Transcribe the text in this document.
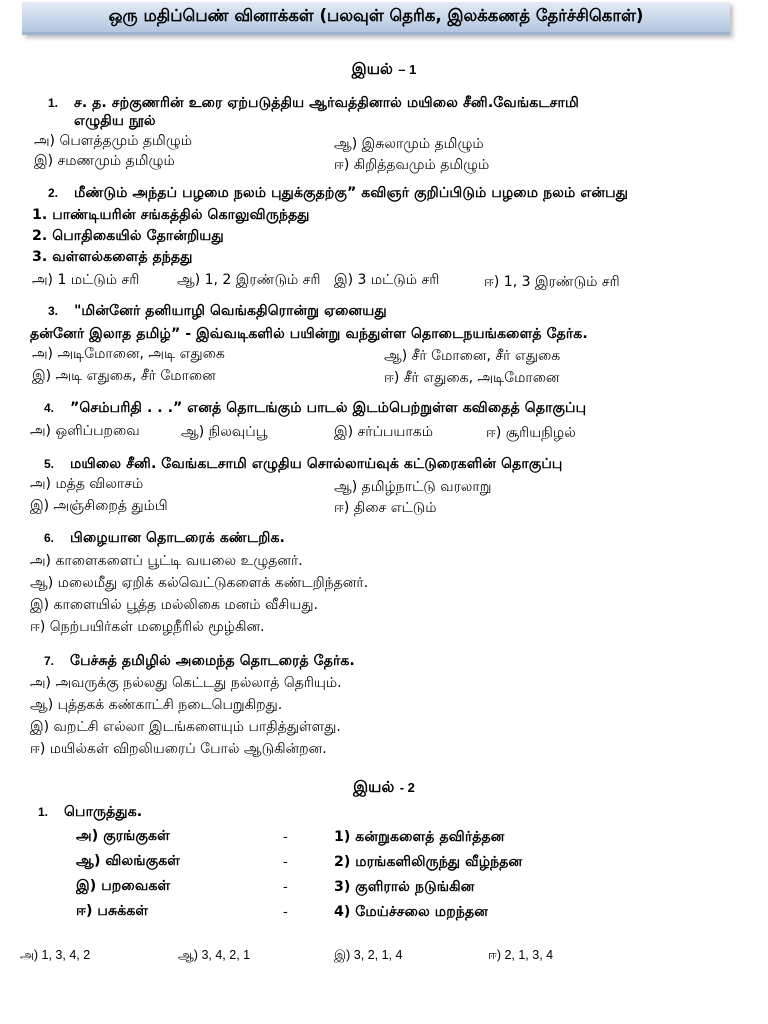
ஒரு மதிப்பெண் வினாக்கள் (பலவுள் தெரிக, இலக்கணத் தேர்ச்சிகொள்)
இயல் – 1
1. ச. த. சற்குணரின் உரை ஏற்படுத்திய ஆர்வத்தினால் மயிலை சீனி.வேங்கடசாமி
எழுதிய நூல்
அ) பௌத்தமும் தமிழும்	ஆ) இசுலாமும் தமிழும்
இ) சமணமும் தமிழும்	ஈ) கிறித்தவமும் தமிழும்
2. மீண்டும் அந்தப் பழமை நலம் புதுக்குதற்கு” கவிஞர் குறிப்பிடும் பழமை நலம் என்பது
1. பாண்டியரின் சங்கத்தில் கொலுவிருந்தது
2. பொதிகையில் தோன்றியது
3. வள்ளல்களைத் தந்தது
அ) 1 மட்டும் சரி	ஆ) 1, 2 இரண்டும் சரி இ) 3 மட்டும் சரி	ஈ) 1, 3 இரண்டும் சரி
3. "மின்னேர் தனியாழி வெங்கதிரொன்று ஏனையது
தன்னேர் இலாத தமிழ்” - இவ்வடிகளில் பயின்று வந்துள்ள தொடைநயங்களைத் தேர்க.
அ) அடிமோனை, அடி எதுகை	ஆ) சீர் மோனை, சீர் எதுகை
இ) அடி எதுகை, சீர் மோனை	ஈ) சீர் எதுகை, அடிமோனை
4. ”செம்பரிதி . . .” எனத் தொடங்கும் பாடல் இடம்பெற்றுள்ள கவிதைத் தொகுப்பு
அ) ஒளிப்பறவை	ஆ) நிலவுப்பூ	இ) சர்ப்பயாகம்	ஈ) சூரியநிழல்
5. மயிலை சீனி. வேங்கடசாமி எழுதிய சொல்லாய்வுக் கட்டுரைகளின் தொகுப்பு
அ) மத்த விலாசம்	ஆ) தமிழ்நாட்டு வரலாறு
இ) அஞ்சிறைத் தும்பி	ஈ) திசை எட்டும்
6. பிழையான தொடரைக் கண்டறிக.
அ) காளைகளைப் பூட்டி வயலை உழுதனர்.
ஆ) மலைமீது ஏறிக் கல்வெட்டுகளைக் கண்டறிந்தனர்.
இ) காளையில் பூத்த மல்லிகை மனம் வீசியது.
ஈ) நெற்பயிர்கள் மழைநீரில் மூழ்கின.
7. பேச்சுத் தமிழில் அமைந்த தொடரைத் தேர்க.
அ) அவருக்கு நல்லது கெட்டது நல்லாத் தெரியும்.
ஆ) புத்தகக் கண்காட்சி நடைபெறுகிறது.
இ) வறட்சி எல்லா இடங்களையும் பாதித்துள்ளது.
ஈ) மயில்கள் விறலியரைப் போல் ஆடுகின்றன.
இயல் - 2
1. பொருத்துக.
அ) குரங்குகள்	-	1) கன்றுகளைத் தவிர்த்தன
ஆ) விலங்குகள்	-	2) மரங்களிலிருந்து வீழ்ந்தன
இ) பறவைகள்	-	3) குளிரால் நடுங்கின
ஈ) பசுக்கள்	-	4) மேய்ச்சலை மறந்தன
அ) 1, 3, 4, 2	ஆ) 3, 4, 2, 1	இ) 3, 2, 1, 4	ஈ) 2, 1, 3, 4
